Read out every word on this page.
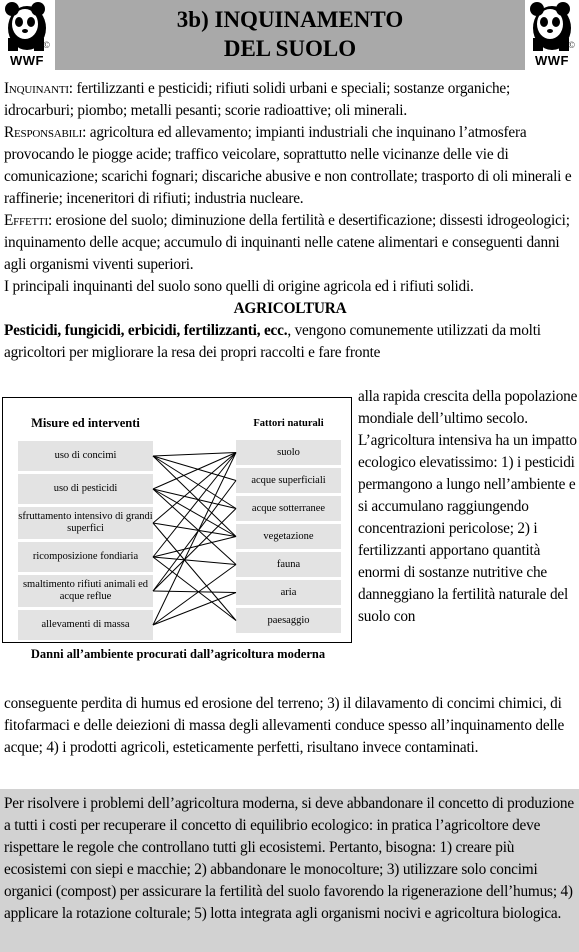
©
WWF
3b) INQUINAMENTO
DEL SUOLO	©
WWF
Inquinanti: fertilizzanti e pesticidi; rifiuti solidi urbani e speciali; sostanze organiche; idrocarburi; piombo; metalli pesanti; scorie radioattive; oli minerali.
Responsabili: agricoltura ed allevamento; impianti industriali che inquinano l’atmosfera provocando le piogge acide; traffico veicolare, soprattutto nelle vicinanze delle vie di comunicazione; scarichi fognari; discariche abusive e non controllate; trasporto di oli minerali e raffinerie; inceneritori di rifiuti; industria nucleare.
Effetti: erosione del suolo; diminuzione della fertilità e desertificazione; dissesti idrogeologici; inquinamento delle acque; accumulo di inquinanti nelle catene alimentari e conseguenti danni agli organismi viventi superiori.
I principali inquinanti del suolo sono quelli di origine agricola ed i rifiuti solidi.
AGRICOLTURA
Pesticidi, fungicidi, erbicidi, fertilizzanti, ecc., vengono comunemente utilizzati da molti agricoltori per migliorare la resa dei propri raccolti e fare fronte
Misure ed interventi	Fattori naturali
uso di concimi
uso di pesticidi
sfruttamento intensivo di grandi superfici
ricomposizione fondiaria
smaltimento rifiuti animali ed acque reflue
allevamenti di massa
suolo
acque superficiali
acque sotterranee
vegetazione
fauna
aria
paesaggio
Danni all’ambiente procurati dall’agricoltura moderna
alla rapida crescita della popolazione mondiale dell’ultimo secolo. L’agricoltura intensiva ha un impatto ecologico elevatissimo: 1) i pesticidi permangono a lungo nell’ambiente e si accumulano raggiungendo concentrazioni pericolose; 2) i fertilizzanti apportano quantità enormi di sostanze nutritive che danneggiano la fertilità naturale del suolo con
conseguente perdita di humus ed erosione del terreno; 3) il dilavamento di concimi chimici, di fitofarmaci e delle deiezioni di massa degli allevamenti conduce spesso all’inquinamento delle acque; 4) i prodotti agricoli, esteticamente perfetti, risultano invece contaminati.
Per risolvere i problemi dell’agricoltura moderna, si deve abbandonare il concetto di produzione a tutti i costi per recuperare il concetto di equilibrio ecologico: in pratica l’agricoltore deve rispettare le regole che controllano tutti gli ecosistemi. Pertanto, bisogna: 1) creare più ecosistemi con siepi e macchie; 2) abbandonare le monocolture; 3) utilizzare solo concimi organici (compost) per assicurare la fertilità del suolo favorendo la rigenerazione dell’humus; 4) applicare la rotazione colturale; 5) lotta integrata agli organismi nocivi e agricoltura biologica.
